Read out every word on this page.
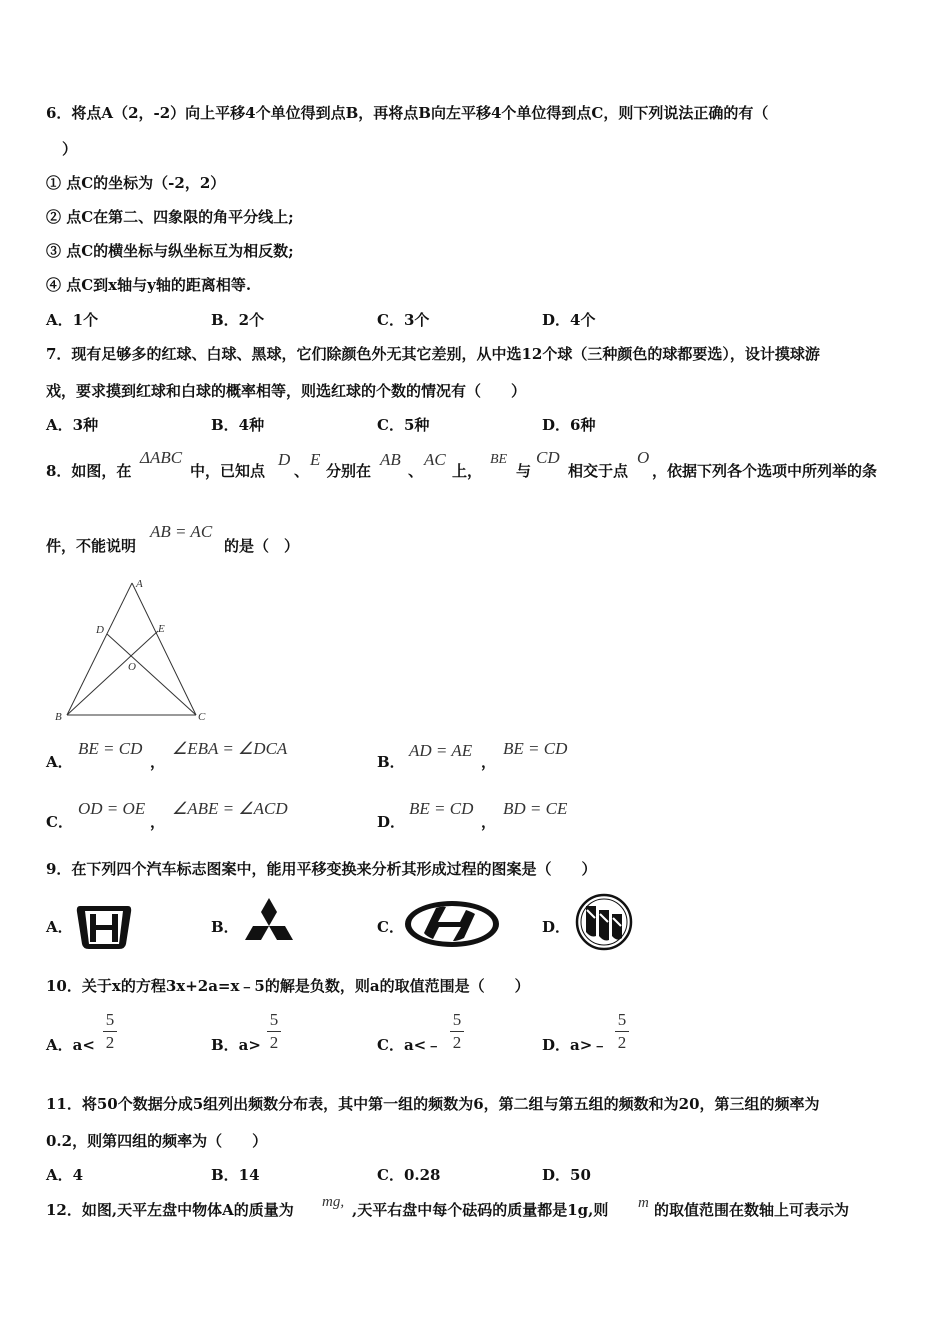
6．将点A（2，-2）向上平移4个单位得到点B，再将点B向左平移4个单位得到点C，则下列说法正确的有（
）
① 点C的坐标为（-2，2）
② 点C在第二、四象限的角平分线上;
③ 点C的横坐标与纵坐标互为相反数;
④ 点C到x轴与y轴的距离相等.
A．1个	B．2个	C．3个	D．4个
7．现有足够多的红球、白球、黑球，它们除颜色外无其它差别，从中选12个球（三种颜色的球都要选），设计摸球游
戏，要求摸到红球和白球的概率相等，则选红球的个数的情况有（　　）
A．3种	B．4种	C．5种	D．6种
8．如图，在
ΔABC
中，已知点
D
、
E
分别在
AB
、
AC
上，
BE
与
CD
相交于点
O
，依据下列各个选项中所列举的条
件，不能说明
AB = AC
的是（　）
A
B	C
D	E
O
A．
BE = CD
，
∠EBA = ∠DCA
B．
AD = AE
，
BE = CD
C．
OD = OE
，
∠ABE = ∠ACD
D．
BE = CD
，
BD = CE
9．在下列四个汽车标志图案中，能用平移变换来分析其形成过程的图案是（　　）
A．	B．	C．	D．
10．关于x的方程3x+2a=x﹣5的解是负数，则a的取值范围是（　　）
A．a<
5
2	B．a>
5
2	C．a<﹣
5
2	D．a>﹣
5
2
11．将50个数据分成5组列出频数分布表，其中第一组的频数为6，第二组与第五组的频数和为20，第三组的频率为
0.2，则第四组的频率为（　　）
A．4	B．14	C．0.28	D．50
12．如图,天平左盘中物体A的质量为 mg, ,天平右盘中每个砝码的质量都是1g,则 m 的取值范围在数轴上可表示为
